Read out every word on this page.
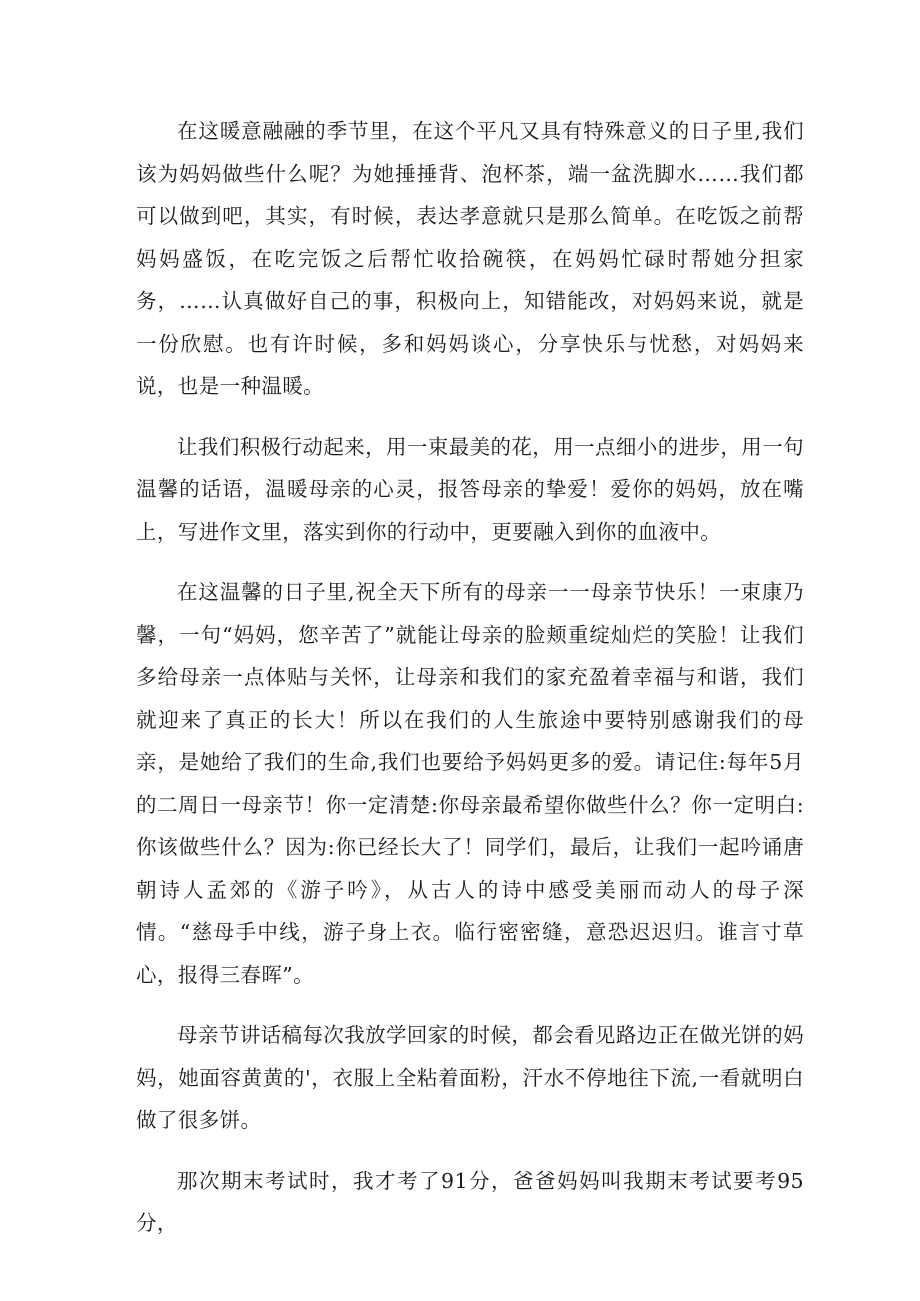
在这暖意融融的季节里，在这个平凡又具有特殊意义的日子里,我们该为妈妈做些什么呢？为她捶捶背、泡杯茶，端一盆洗脚水……我们都可以做到吧，其实，有时候，表达孝意就只是那么简单。在吃饭之前帮妈妈盛饭，在吃完饭之后帮忙收拾碗筷，在妈妈忙碌时帮她分担家务，……认真做好自己的事，积极向上，知错能改，对妈妈来说，就是一份欣慰。也有许时候，多和妈妈谈心，分享快乐与忧愁，对妈妈来说，也是一种温暖。

让我们积极行动起来，用一束最美的花，用一点细小的进步，用一句温馨的话语，温暖母亲的心灵，报答母亲的挚爱！爱你的妈妈，放在嘴上，写进作文里，落实到你的行动中，更要融入到你的血液中。

在这温馨的日子里,祝全天下所有的母亲一一母亲节快乐！一束康乃馨，一句“妈妈，您辛苦了”就能让母亲的脸颊重绽灿烂的笑脸！让我们多给母亲一点体贴与关怀，让母亲和我们的家充盈着幸福与和谐，我们就迎来了真正的长大！所以在我们的人生旅途中要特别感谢我们的母亲，是她给了我们的生命,我们也要给予妈妈更多的爱。请记住:每年5月的二周日一母亲节！你一定清楚:你母亲最希望你做些什么？你一定明白:你该做些什么？因为:你已经长大了！同学们，最后，让我们一起吟诵唐朝诗人孟郊的《游子吟》，从古人的诗中感受美丽而动人的母子深情。“慈母手中线，游子身上衣。临行密密缝，意恐迟迟归。谁言寸草心，报得三春晖”。

母亲节讲话稿每次我放学回家的时候，都会看见路边正在做光饼的妈妈，她面容黄黄的'，衣服上全粘着面粉，汗水不停地往下流,一看就明白做了很多饼。

那次期末考试时，我才考了91分，爸爸妈妈叫我期末考试要考95分，
